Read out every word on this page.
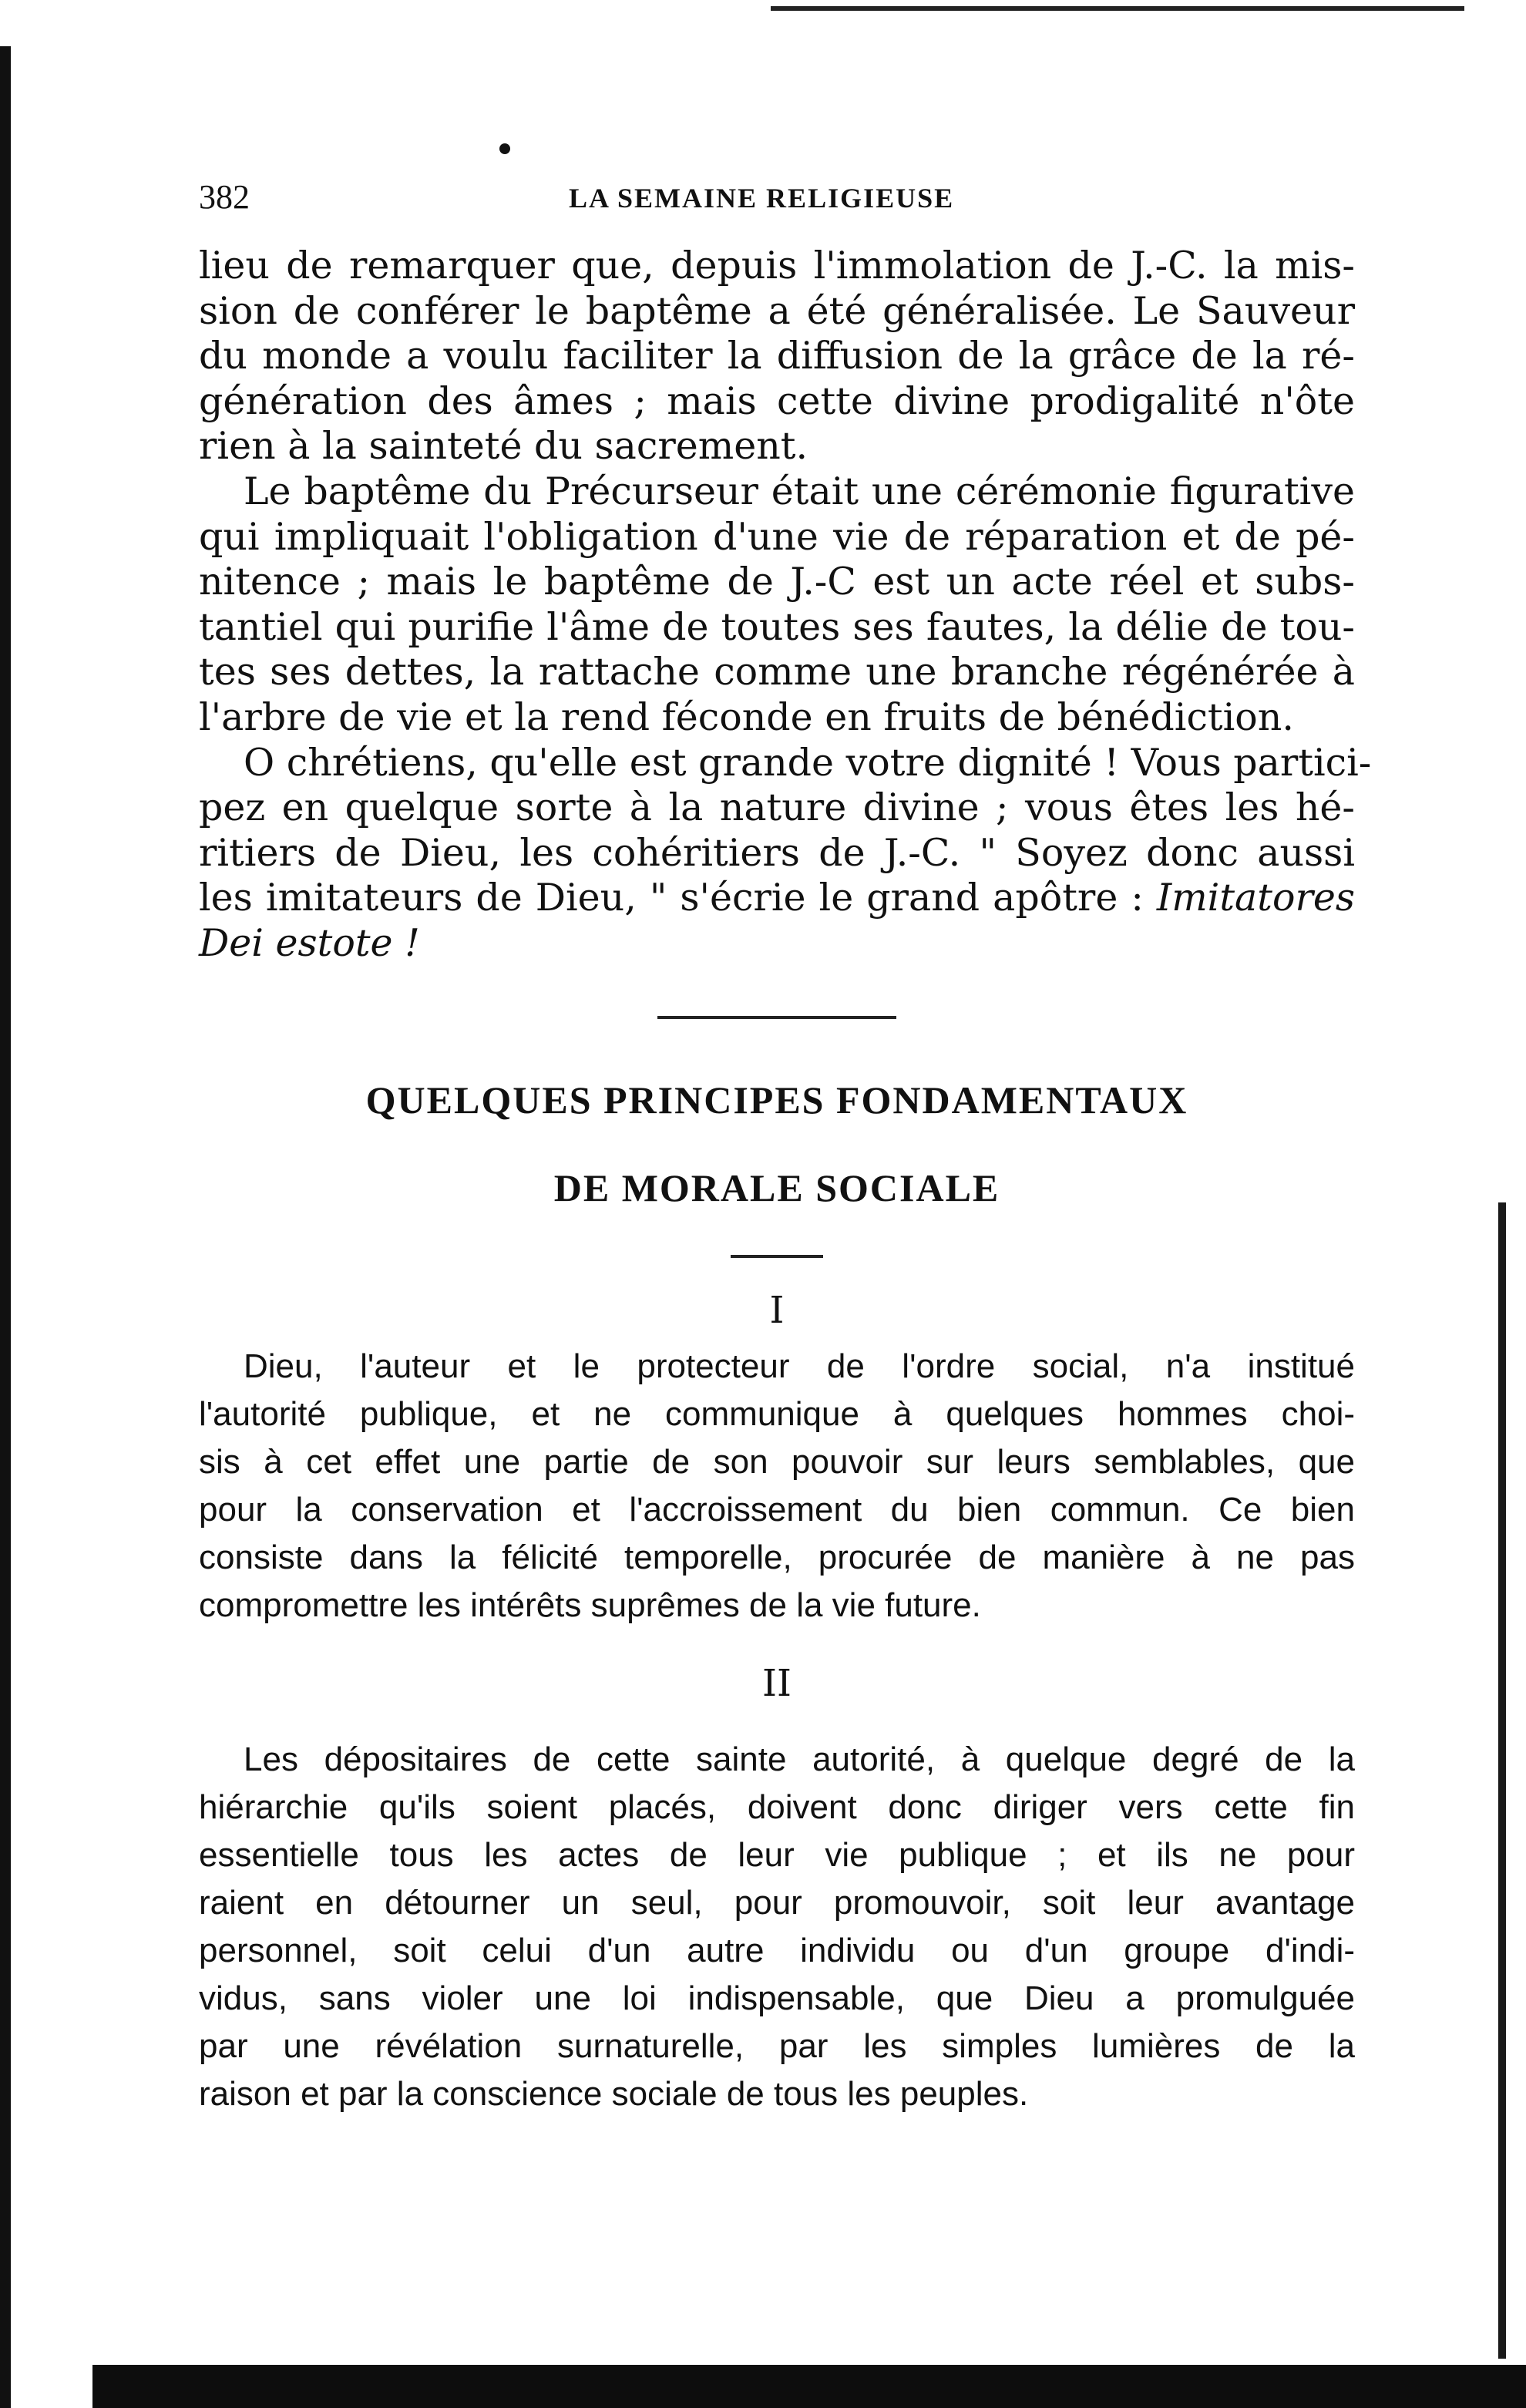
382	LA SEMAINE RELIGIEUSE

lieu de remarquer que, depuis l'immolation de J.-C. la mis-
sion de conférer le baptême a été généralisée. Le Sauveur
du monde a voulu faciliter la diffusion de la grâce de la ré-
génération des âmes ; mais cette divine prodigalité n'ôte
rien à la sainteté du sacrement.

Le baptême du Précurseur était une cérémonie figurative
qui impliquait l'obligation d'une vie de réparation et de pé-
nitence ; mais le baptême de J.-C est un acte réel et subs-
tantiel qui purifie l'âme de toutes ses fautes, la délie de tou-
tes ses dettes, la rattache comme une branche régénérée à
l'arbre de vie et la rend féconde en fruits de bénédiction.

O chrétiens, qu'elle est grande votre dignité ! Vous partici-
pez en quelque sorte à la nature divine ; vous êtes les hé-
ritiers de Dieu, les cohéritiers de J.-C. " Soyez donc aussi
les imitateurs de Dieu, " s'écrie le grand apôtre : Imitatores
Dei estote !

QUELQUES PRINCIPES FONDAMENTAUX

DE MORALE SOCIALE

I

Dieu, l'auteur et le protecteur de l'ordre social, n'a institué
l'autorité publique, et ne communique à quelques hommes choi-
sis à cet effet une partie de son pouvoir sur leurs semblables, que
pour la conservation et l'accroissement du bien commun. Ce bien
consiste dans la félicité temporelle, procurée de manière à ne pas
compromettre les intérêts suprêmes de la vie future.

II

Les dépositaires de cette sainte autorité, à quelque degré de la
hiérarchie qu'ils soient placés, doivent donc diriger vers cette fin
essentielle tous les actes de leur vie publique ; et ils ne pour
raient en détourner un seul, pour promouvoir, soit leur avantage
personnel, soit celui d'un autre individu ou d'un groupe d'indi-
vidus, sans violer une loi indispensable, que Dieu a promulguée
par une révélation surnaturelle, par les simples lumières de la
raison et par la conscience sociale de tous les peuples.
